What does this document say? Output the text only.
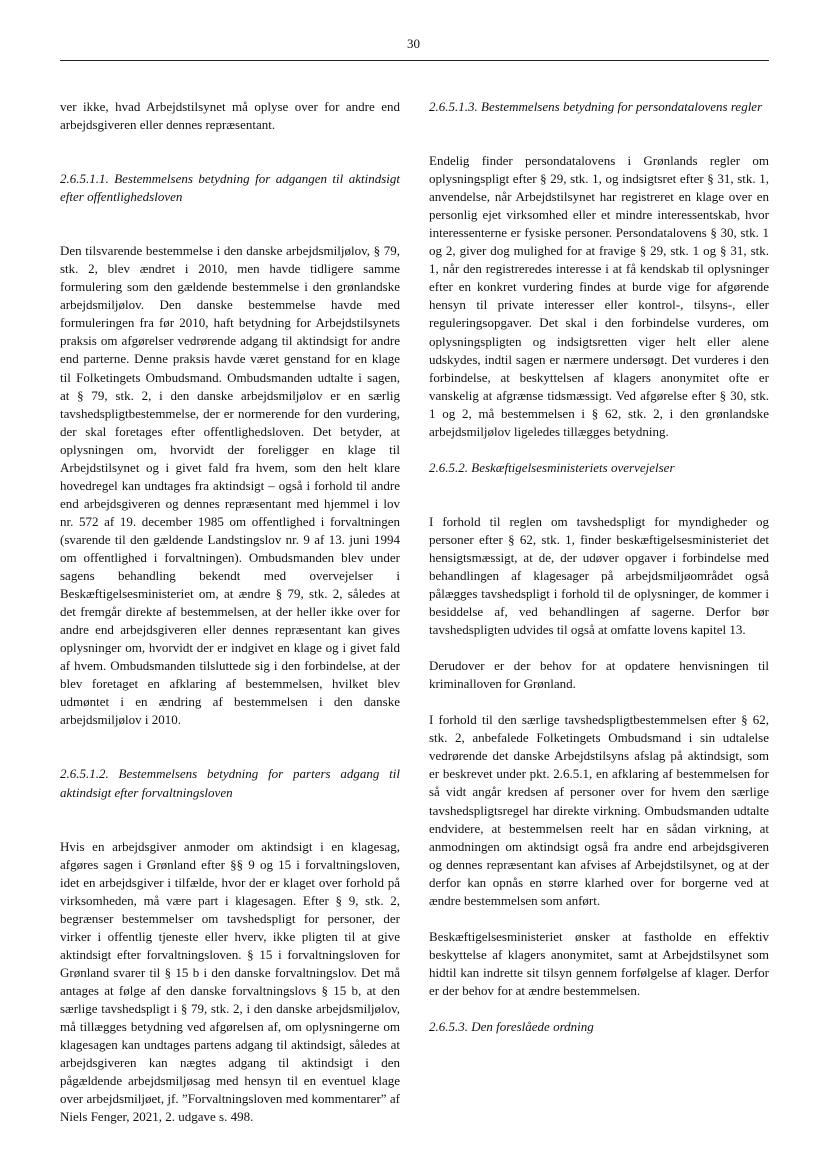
30

ver ikke, hvad Arbejdstilsynet må oplyse over for andre end arbejdsgiveren eller dennes repræsentant.

2.6.5.1.1. Bestemmelsens betydning for adgangen til aktindsigt efter offentlighedsloven

Den tilsvarende bestemmelse i den danske arbejdsmiljølov, § 79, stk. 2, blev ændret i 2010, men havde tidligere samme formulering som den gældende bestemmelse i den grønlandske arbejdsmiljølov. Den danske bestemmelse havde med formuleringen fra før 2010, haft betydning for Arbejdstilsynets praksis om afgørelser vedrørende adgang til aktindsigt for andre end parterne. Denne praksis havde været genstand for en klage til Folketingets Ombudsmand. Ombudsmanden udtalte i sagen, at § 79, stk. 2, i den danske arbejdsmiljølov er en særlig tavshedspligtbestemmelse, der er normerende for den vurdering, der skal foretages efter offentlighedsloven. Det betyder, at oplysningen om, hvorvidt der foreligger en klage til Arbejdstilsynet og i givet fald fra hvem, som den helt klare hovedregel kan undtages fra aktindsigt – også i forhold til andre end arbejdsgiveren og dennes repræsentant med hjemmel i lov nr. 572 af 19. december 1985 om offentlighed i forvaltningen (svarende til den gældende Landstingslov nr. 9 af 13. juni 1994 om offentlighed i forvaltningen). Ombudsmanden blev under sagens behandling bekendt med overvejelser i Beskæftigelsesministeriet om, at ændre § 79, stk. 2, således at det fremgår direkte af bestemmelsen, at der heller ikke over for andre end arbejdsgiveren eller dennes repræsentant kan gives oplysninger om, hvorvidt der er indgivet en klage og i givet fald af hvem. Ombudsmanden tilsluttede sig i den forbindelse, at der blev foretaget en afklaring af bestemmelsen, hvilket blev udmøntet i en ændring af bestemmelsen i den danske arbejdsmiljølov i 2010.

2.6.5.1.2. Bestemmelsens betydning for parters adgang til aktindsigt efter forvaltningsloven

Hvis en arbejdsgiver anmoder om aktindsigt i en klagesag, afgøres sagen i Grønland efter §§ 9 og 15 i forvaltningsloven, idet en arbejdsgiver i tilfælde, hvor der er klaget over forhold på virksomheden, må være part i klagesagen. Efter § 9, stk. 2, begrænser bestemmelser om tavshedspligt for personer, der virker i offentlig tjeneste eller hverv, ikke pligten til at give aktindsigt efter forvaltningsloven. § 15 i forvaltningsloven for Grønland svarer til § 15 b i den danske forvaltningslov. Det må antages at følge af den danske forvaltningslovs § 15 b, at den særlige tavshedspligt i § 79, stk. 2, i den danske arbejdsmiljølov, må tillægges betydning ved afgørelsen af, om oplysningerne om klagesagen kan undtages partens adgang til aktindsigt, således at arbejdsgiveren kan nægtes adgang til aktindsigt i den pågældende arbejdsmiljøsag med hensyn til en eventuel klage over arbejdsmiljøet, jf. ”Forvaltningsloven med kommentarer” af Niels Fenger, 2021, 2. udgave s. 498.

2.6.5.1.3. Bestemmelsens betydning for persondatalovens regler

Endelig finder persondatalovens i Grønlands regler om oplysningspligt efter § 29, stk. 1, og indsigtsret efter § 31, stk. 1, anvendelse, når Arbejdstilsynet har registreret en klage over en personlig ejet virksomhed eller et mindre interessentskab, hvor interessenterne er fysiske personer. Persondatalovens § 30, stk. 1 og 2, giver dog mulighed for at fravige § 29, stk. 1 og § 31, stk. 1, når den registreredes interesse i at få kendskab til oplysninger efter en konkret vurdering findes at burde vige for afgørende hensyn til private interesser eller kontrol-, tilsyns-, eller reguleringsopgaver. Det skal i den forbindelse vurderes, om oplysningspligten og indsigtsretten viger helt eller alene udskydes, indtil sagen er nærmere undersøgt. Det vurderes i den forbindelse, at beskyttelsen af klagers anonymitet ofte er vanskelig at afgrænse tidsmæssigt. Ved afgørelse efter § 30, stk. 1 og 2, må bestemmelsen i § 62, stk. 2, i den grønlandske arbejdsmiljølov ligeledes tillægges betydning.

2.6.5.2. Beskæftigelsesministeriets overvejelser

I forhold til reglen om tavshedspligt for myndigheder og personer efter § 62, stk. 1, finder beskæftigelsesministeriet det hensigtsmæssigt, at de, der udøver opgaver i forbindelse med behandlingen af klagesager på arbejdsmiljøområdet også pålægges tavshedspligt i forhold til de oplysninger, de kommer i besiddelse af, ved behandlingen af sagerne. Derfor bør tavshedspligten udvides til også at omfatte lovens kapitel 13.

Derudover er der behov for at opdatere henvisningen til kriminalloven for Grønland.

I forhold til den særlige tavshedspligtbestemmelsen efter § 62, stk. 2, anbefalede Folketingets Ombudsmand i sin udtalelse vedrørende det danske Arbejdstilsyns afslag på aktindsigt, som er beskrevet under pkt. 2.6.5.1, en afklaring af bestemmelsen for så vidt angår kredsen af personer over for hvem den særlige tavshedspligtsregel har direkte virkning. Ombudsmanden udtalte endvidere, at bestemmelsen reelt har en sådan virkning, at anmodningen om aktindsigt også fra andre end arbejdsgiveren og dennes repræsentant kan afvises af Arbejdstilsynet, og at der derfor kan opnås en større klarhed over for borgerne ved at ændre bestemmelsen som anført.

Beskæftigelsesministeriet ønsker at fastholde en effektiv beskyttelse af klagers anonymitet, samt at Arbejdstilsynet som hidtil kan indrette sit tilsyn gennem forfølgelse af klager. Derfor er der behov for at ændre bestemmelsen.

2.6.5.3. Den foreslåede ordning
